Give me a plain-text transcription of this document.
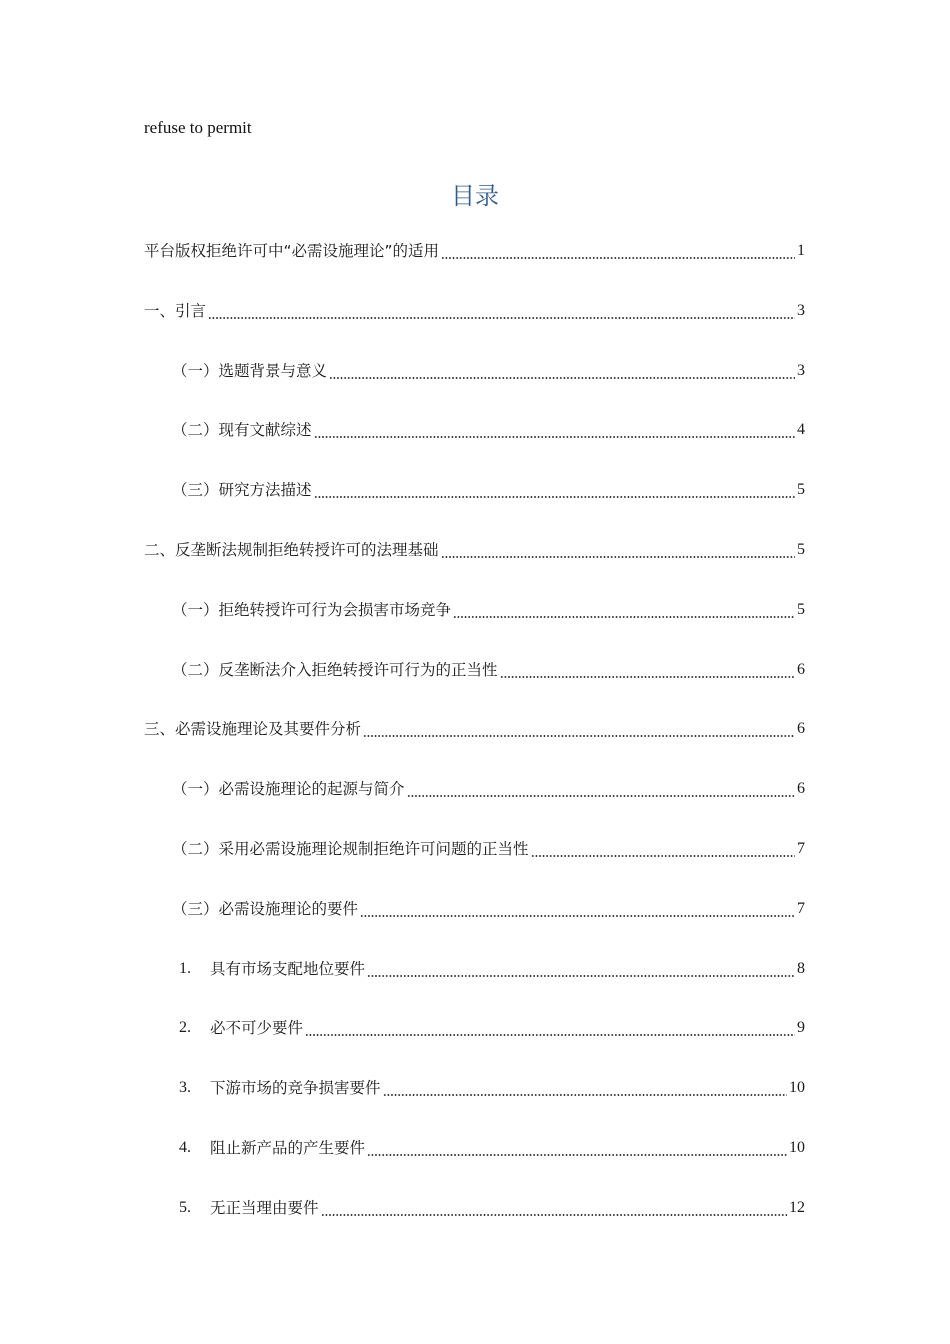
refuse to permit
目录
平台版权拒绝许可中“必需设施理论”的适用	1
一、引言	3
（一）选题背景与意义	3
（二）现有文献综述	4
（三）研究方法描述	5
二、反垄断法规制拒绝转授许可的法理基础	5
（一）拒绝转授许可行为会损害市场竞争	5
（二）反垄断法介入拒绝转授许可行为的正当性	6
三、必需设施理论及其要件分析	6
（一）必需设施理论的起源与简介	6
（二）采用必需设施理论规制拒绝许可问题的正当性	7
（三）必需设施理论的要件	7
1.	具有市场支配地位要件	8
2.	必不可少要件	9
3.	下游市场的竞争损害要件	10
4.	阻止新产品的产生要件	10
5.	无正当理由要件	12
